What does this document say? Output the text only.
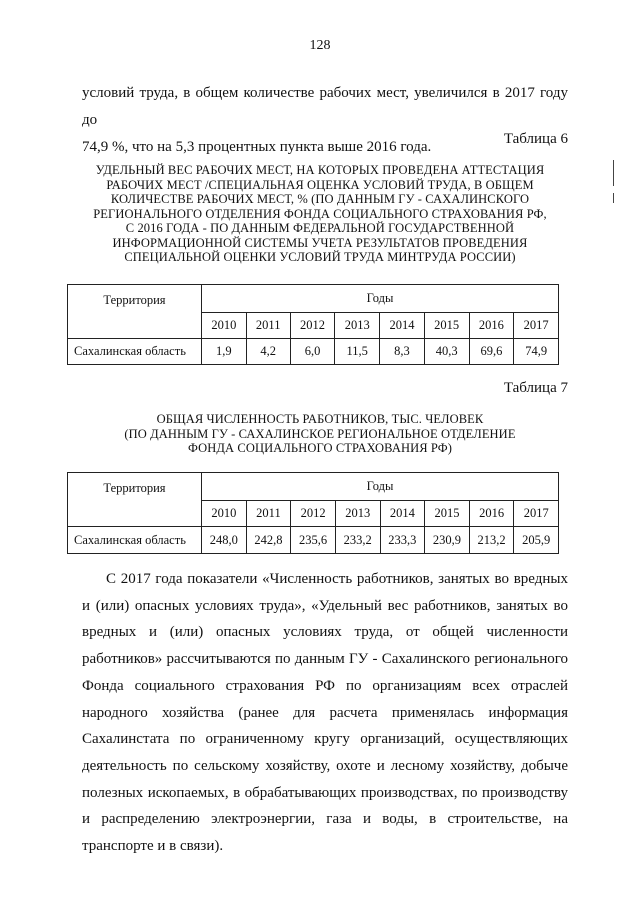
128

условий труда, в общем количестве рабочих мест, увеличился в 2017 году до

74,9 %, что на 5,3 процентных пункта выше 2016 года.	Таблица 6
УДЕЛЬНЫЙ ВЕС РАБОЧИХ МЕСТ, НА КОТОРЫХ ПРОВЕДЕНА АТТЕСТАЦИЯ
РАБОЧИХ МЕСТ /СПЕЦИАЛЬНАЯ ОЦЕНКА УСЛОВИЙ ТРУДА, В ОБЩЕМ
КОЛИЧЕСТВЕ РАБОЧИХ МЕСТ, % (ПО ДАННЫМ ГУ - САХАЛИНСКОГО
РЕГИОНАЛЬНОГО ОТДЕЛЕНИЯ ФОНДА СОЦИАЛЬНОГО СТРАХОВАНИЯ РФ,
С 2016 ГОДА - ПО ДАННЫМ ФЕДЕРАЛЬНОЙ ГОСУДАРСТВЕННОЙ
ИНФОРМАЦИОННОЙ СИСТЕМЫ УЧЕТА РЕЗУЛЬТАТОВ ПРОВЕДЕНИЯ
СПЕЦИАЛЬНОЙ ОЦЕНКИ УСЛОВИЙ ТРУДА МИНТРУДА РОССИИ)
Территория	Годы							
	2010	2011	2012	2013	2014	2015	2016	2017
Сахалинская область	1,9	4,2	6,0	11,5	8,3	40,3	69,6	74,9
Таблица 7
ОБЩАЯ ЧИСЛЕННОСТЬ РАБОТНИКОВ, ТЫС. ЧЕЛОВЕК
(ПО ДАННЫМ ГУ - САХАЛИНСКОЕ РЕГИОНАЛЬНОЕ ОТДЕЛЕНИЕ
ФОНДА СОЦИАЛЬНОГО СТРАХОВАНИЯ РФ)
Территория	Годы							
	2010	2011	2012	2013	2014	2015	2016	2017
Сахалинская область	248,0	242,8	235,6	233,2	233,3	230,9	213,2	205,9

С 2017 года показатели «Численность работников, занятых во вредных и (или) опасных условиях труда», «Удельный вес работников, занятых во вредных и (или) опасных условиях труда, от общей численности работников» рассчитываются по данным ГУ - Сахалинского регионального Фонда социального страхования РФ по организациям всех отраслей народного хозяйства (ранее для расчета применялась информация Сахалинстата по ограниченному кругу организаций, осуществляющих деятельность по сельскому хозяйству, охоте и лесному хозяйству, добыче полезных ископаемых, в обрабатывающих производствах, по производству и распределению электроэнергии, газа и воды, в строительстве, на транспорте и в связи).
